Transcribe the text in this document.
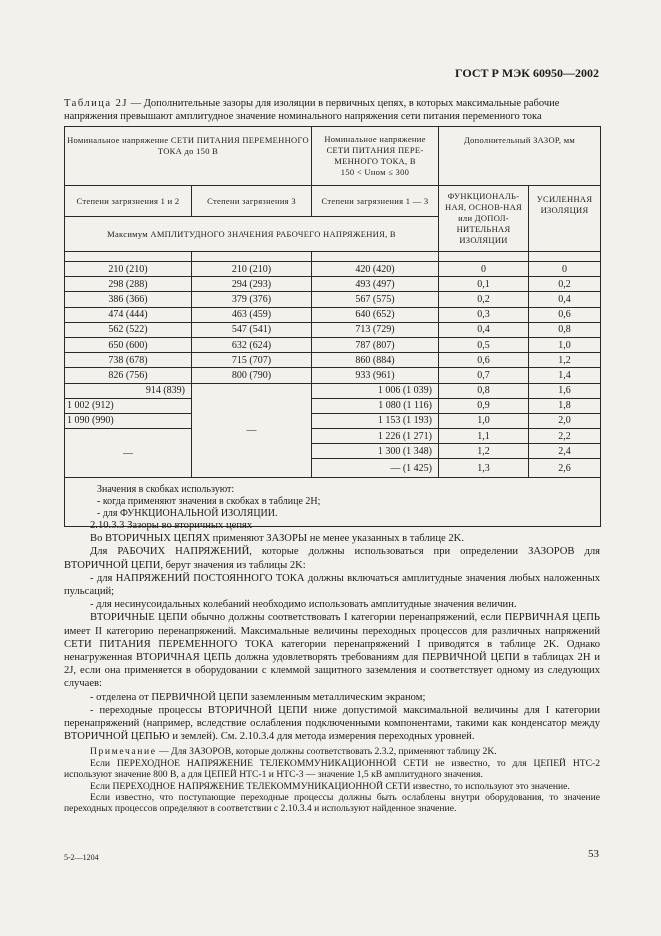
ГОСТ Р МЭК 60950—2002
Таблица 2J — Дополнительные зазоры для изоляции в первичных цепях, в которых максимальные рабочие напряжения превышают амплитудное значение номинального напряжения сети питания переменного тока
Номинальное напряжение СЕТИ ПИТАНИЯ ПЕРЕМЕННОГО ТОКА до 150 В		Номинальное напряжение СЕТИ ПИТАНИЯ ПЕРЕ-МЕННОГО ТОКА, В
150 < Uном ≤ 300	Дополнительный ЗАЗОР, мм	
Степени загрязнения 1 и 2	Степени загрязнения 3	Степени загрязнения 1 — 3	ФУНКЦИОНАЛЬ-НАЯ, ОСНОВ-НАЯ или ДОПОЛ-НИТЕЛЬНАЯ ИЗОЛЯЦИИ	УСИЛЕННАЯ ИЗОЛЯЦИЯ
Максимум АМПЛИТУДНОГО ЗНАЧЕНИЯ РАБОЧЕГО НАПРЯЖЕНИЯ, В				

210 (210)	210 (210)	420 (420)	0	0
298 (288)	294 (293)	493 (497)	0,1	0,2
386 (366)	379 (376)	567 (575)	0,2	0,4
474 (444)	463 (459)	640 (652)	0,3	0,6
562 (522)	547 (541)	713 (729)	0,4	0,8
650 (600)	632 (624)	787 (807)	0,5	1,0
738 (678)	715 (707)	860 (884)	0,6	1,2
826 (756)	800 (790)	933 (961)	0,7	1,4
914 (839)	—	1 006 (1 039)	0,8	1,6
1 002 (912)		1 080 (1 116)	0,9	1,8
1 090 (990)		1 153 (1 193)	1,0	2,0
—		1 226 (1 271)	1,1	2,2
		1 300 (1 348)	1,2	2,4
		— (1 425)	1,3	2,6

Значения в скобках используют:
- когда применяют значения в скобках в таблице 2H;
- для ФУНКЦИОНАЛЬНОЙ ИЗОЛЯЦИИ.				

2.10.3.3 Зазоры во вторичных цепях

Во ВТОРИЧНЫХ ЦЕПЯХ применяют ЗАЗОРЫ не менее указанных в таблице 2K.

Для РАБОЧИХ НАПРЯЖЕНИЙ, которые должны использоваться при определении ЗАЗОРОВ для ВТОРИЧНОЙ ЦЕПИ, берут значения из таблицы 2K:

- для НАПРЯЖЕНИЙ ПОСТОЯННОГО ТОКА должны включаться амплитудные значения любых наложенных пульсаций;

- для несинусоидальных колебаний необходимо использовать амплитудные значения величин.

ВТОРИЧНЫЕ ЦЕПИ обычно должны соответствовать I категории перенапряжений, если ПЕРВИЧНАЯ ЦЕПЬ имеет II категорию перенапряжений. Максимальные величины переходных процессов для различных напряжений СЕТИ ПИТАНИЯ ПЕРЕМЕННОГО ТОКА категории перенапряжений I приводятся в таблице 2K. Однако ненагруженная ВТОРИЧНАЯ ЦЕПЬ должна удовлетворять требованиям для ПЕРВИЧНОЙ ЦЕПИ в таблицах 2H и 2J, если она применяется в оборудовании с клеммой защитного заземления и соответствует одному из следующих случаев:

- отделена от ПЕРВИЧНОЙ ЦЕПИ заземленным металлическим экраном;

- переходные процессы ВТОРИЧНОЙ ЦЕПИ ниже допустимой максимальной величины для I категории перенапряжений (например, вследствие ослабления подключенными компонентами, такими как конденсатор между ВТОРИЧНОЙ ЦЕПЬЮ и землей). См. 2.10.3.4 для метода измерения переходных уровней.

Примечание — Для ЗАЗОРОВ, которые должны соответствовать 2.3.2, применяют таблицу 2K.

Если ПЕРЕХОДНОЕ НАПРЯЖЕНИЕ ТЕЛЕКОММУНИКАЦИОННОЙ СЕТИ не известно, то для ЦЕПЕЙ НТС-2 используют значение 800 В, а для ЦЕПЕЙ НТС-1 и НТС-3 — значение 1,5 кВ амплитудного значения.

Если ПЕРЕХОДНОЕ НАПРЯЖЕНИЕ ТЕЛЕКОММУНИКАЦИОННОЙ СЕТИ известно, то используют это значение.

Если известно, что поступающие переходные процессы должны быть ослаблены внутри оборудования, то значение переходных процессов определяют в соответствии с 2.10.3.4 и используют найденное значение.

5-2—1204	53
